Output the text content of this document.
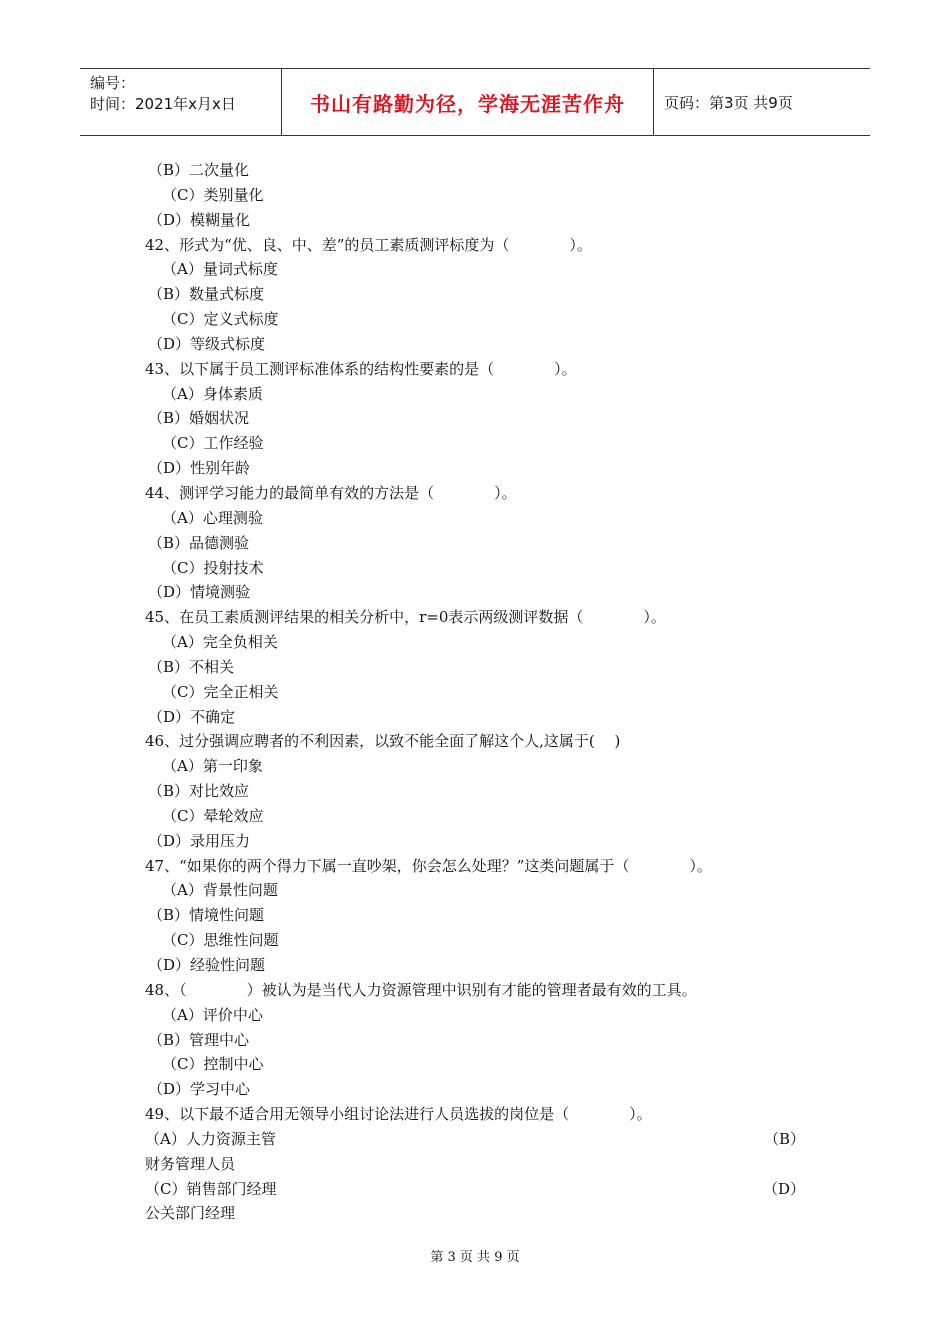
编号：
时间：2021年x月x日	书山有路勤为径，学海无涯苦作舟	页码：第3页 共9页
（B）二次量化
（C）类别量化
（D）模糊量化
42、形式为“优、良、中、差”的员工素质测评标度为（　　　　）。
（A）量词式标度
（B）数量式标度
（C）定义式标度
（D）等级式标度
43、以下属于员工测评标准体系的结构性要素的是（　　　　）。
（A）身体素质
（B）婚姻状况
（C）工作经验
（D）性别年龄
44、测评学习能力的最简单有效的方法是（　　　　）。
（A）心理测验
（B）品德测验
（C）投射技术
（D）情境测验
45、在员工素质测评结果的相关分析中，r=0表示两级测评数据（　　　　）。
（A）完全负相关
（B）不相关
（C）完全正相关
（D）不确定
46、过分强调应聘者的不利因素，以致不能全面了解这个人,这属于(　 )
（A）第一印象
（B）对比效应
（C）晕轮效应
（D）录用压力
47、“如果你的两个得力下属一直吵架，你会怎么处理？”这类问题属于（　　　　）。
（A）背景性问题
（B）情境性问题
（C）思维性问题
（D）经验性问题
48、（　　　　）被认为是当代人力资源管理中识别有才能的管理者最有效的工具。
（A）评价中心
（B）管理中心
（C）控制中心
（D）学习中心
49、以下最不适合用无领导小组讨论法进行人员选拔的岗位是（　　　　）。
（A）人力资源主管	（B）
财务管理人员
（C）销售部门经理	（D）
公关部门经理
第 3 页 共 9 页
